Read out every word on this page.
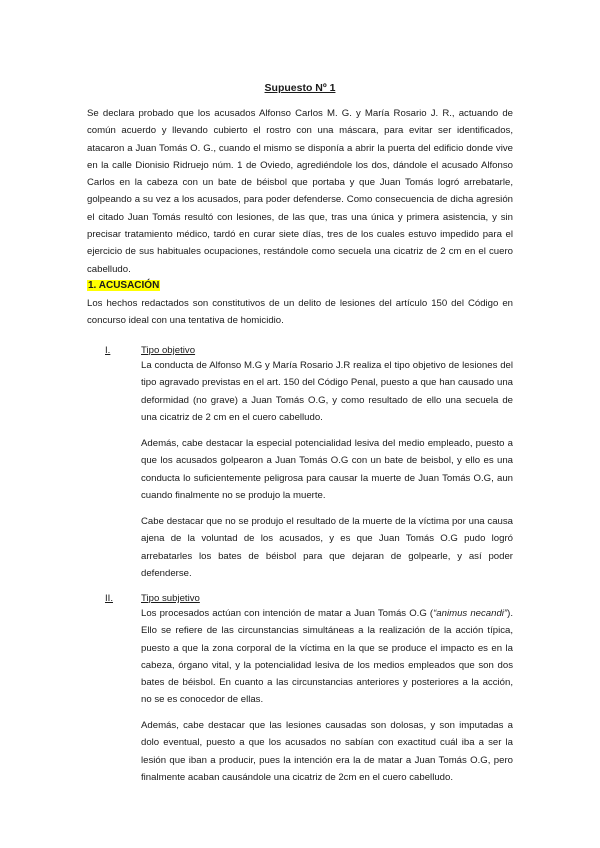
Supuesto Nº 1

Se declara probado que los acusados Alfonso Carlos M. G. y María Rosario J. R., actuando de común acuerdo y llevando cubierto el rostro con una máscara, para evitar ser identificados, atacaron a Juan Tomás O. G., cuando el mismo se disponía a abrir la puerta del edificio donde vive en la calle Dionisio Ridruejo núm. 1 de Oviedo, agrediéndole los dos, dándole el acusado Alfonso Carlos en la cabeza con un bate de béisbol que portaba y que Juan Tomás logró arrebatarle, golpeando a su vez a los acusados, para poder defenderse. Como consecuencia de dicha agresión el citado Juan Tomás resultó con lesiones, de las que, tras una única y primera asistencia, y sin precisar tratamiento médico, tardó en curar siete días, tres de los cuales estuvo impedido para el ejercicio de sus habituales ocupaciones, restándole como secuela una cicatriz de 2 cm en el cuero cabelludo.

1. ACUSACIÓN

Los hechos redactados son constitutivos de un delito de lesiones del artículo 150 del Código en concurso ideal con una tentativa de homicidio.

I.	Tipo objetivo

La conducta de Alfonso M.G y María Rosario J.R realiza el tipo objetivo de lesiones del tipo agravado previstas en el art. 150 del Código Penal, puesto a que han causado una deformidad (no grave) a Juan Tomás O.G, y como resultado de ello una secuela de una cicatriz de 2 cm en el cuero cabelludo.

Además, cabe destacar la especial potencialidad lesiva del medio empleado, puesto a que los acusados golpearon a Juan Tomás O.G con un bate de beisbol, y ello es una conducta lo suficientemente peligrosa para causar la muerte de Juan Tomás O.G, aun cuando finalmente no se produjo la muerte.

Cabe destacar que no se produjo el resultado de la muerte de la víctima por una causa ajena de la voluntad de los acusados, y es que Juan Tomás O.G pudo logró arrebatarles los bates de béisbol para que dejaran de golpearle, y así poder defenderse.

II.	Tipo subjetivo

Los procesados actúan con intención de matar a Juan Tomás O.G (“animus necandi”). Ello se refiere de las circunstancias simultáneas a la realización de la acción típica, puesto a que la zona corporal de la víctima en la que se produce el impacto es en la cabeza, órgano vital, y la potencialidad lesiva de los medios empleados que son dos bates de béisbol. En cuanto a las circunstancias anteriores y posteriores a la acción, no se es conocedor de ellas.

Además, cabe destacar que las lesiones causadas son dolosas, y son imputadas a dolo eventual, puesto a que los acusados no sabían con exactitud cuál iba a ser la lesión que iban a producir, pues la intención era la de matar a Juan Tomás O.G, pero finalmente acaban causándole una cicatriz de 2cm en el cuero cabelludo.
